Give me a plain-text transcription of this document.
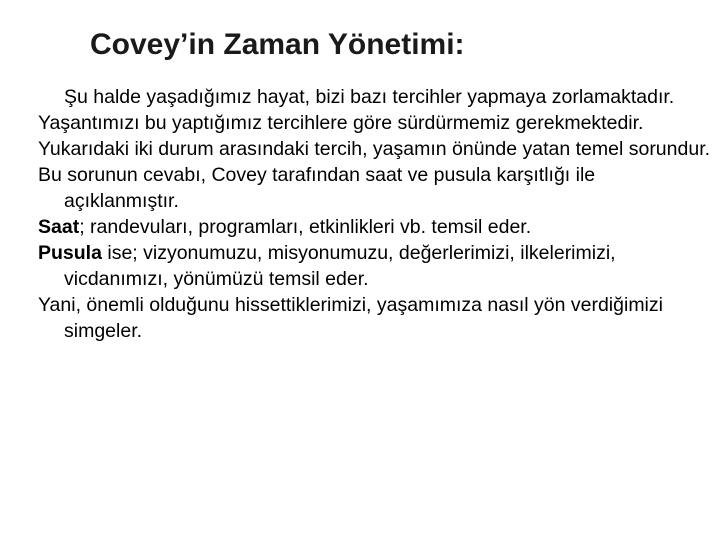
Covey’in Zaman Yönetimi:

Şu halde yaşadığımız hayat, bizi bazı tercihler yapmaya zorlamaktadır.

Yaşantımızı bu yaptığımız tercihlere göre sürdürmemiz gerekmektedir.

Yukarıdaki iki durum arasındaki tercih, yaşamın önünde yatan temel sorundur.

Bu sorunun cevabı, Covey tarafından saat ve pusula karşıtlığı ile açıklanmıştır.

Saat; randevuları, programları, etkinlikleri vb. temsil eder.

Pusula ise; vizyonumuzu, misyonumuzu, değerlerimizi, ilkelerimizi, vicdanımızı, yönümüzü temsil eder.

Yani, önemli olduğunu hissettiklerimizi, yaşamımıza nasıl yön verdiğimizi simgeler.
